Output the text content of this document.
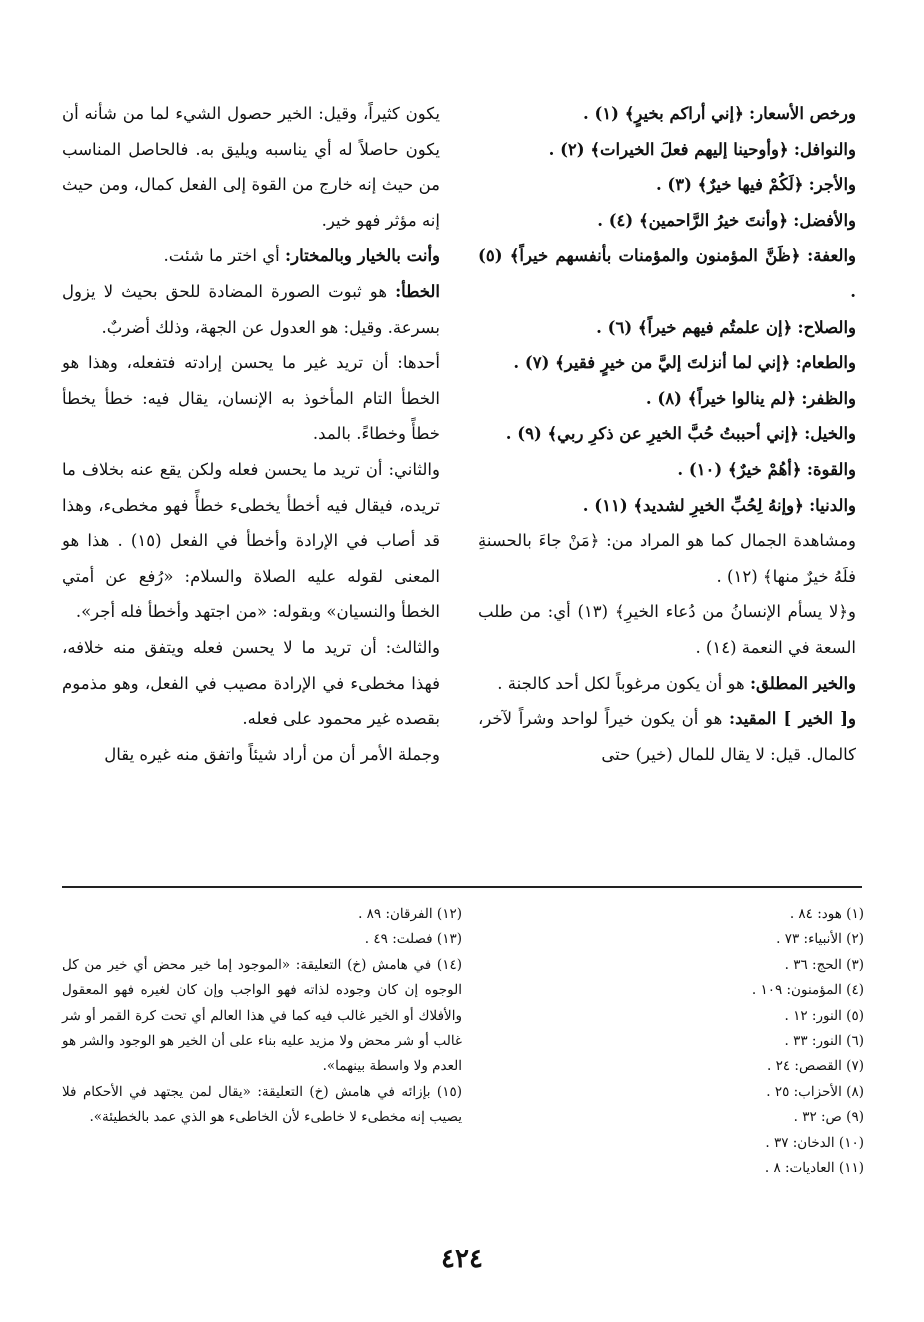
ورخص الأسعار: ﴿إني أراكم بخيرٍ﴾ (١) .

والنوافل: ﴿وأوحينا إليهم فعلَ الخيرات﴾ (٢) .

والأجر: ﴿لَكُمْ فيها خيرٌ﴾ (٣) .

والأفضل: ﴿وأنتَ خيرُ الرَّاحمين﴾ (٤) .

والعفة: ﴿ظَنَّ المؤمنون والمؤمنات بأنفسهم خيراً﴾ (٥) .

والصلاح: ﴿إن علمتُم فيهم خيراً﴾ (٦) .

والطعام: ﴿إني لما أنزلتَ إليَّ من خيرٍ فقير﴾ (٧) .

والظفر: ﴿لم ينالوا خيراً﴾ (٨) .

والخيل: ﴿إني أحببتُ حُبَّ الخيرِ عن ذكرِ ربي﴾ (٩) .

والقوة: ﴿أهُمْ خيرٌ﴾ (١٠) .

والدنيا: ﴿وإنهُ لِحُبِّ الخيرِ لشديد﴾ (١١) .

ومشاهدة الجمال كما هو المراد من: ﴿مَنْ جاءَ بالحسنةِ فلَهُ خيرٌ منها﴾ (١٢) .

و﴿لا يسأم الإنسانُ من دُعاء الخيرِ﴾ (١٣) أي: من طلب السعة في النعمة (١٤) .

والخير المطلق: هو أن يكون مرغوباً لكل أحد كالجنة .

و[ الخير ] المقيد: هو أن يكون خيراً لواحد وشراً لآخر، كالمال. قيل: لا يقال للمال (خير) حتى

يكون كثيراً، وقيل: الخير حصول الشيء لما من شأنه أن يكون حاصلاً له أي يناسبه ويليق به. فالحاصل المناسب من حيث إنه خارج من القوة إلى الفعل كمال، ومن حيث إنه مؤثر فهو خير.

وأنت بالخيار وبالمختار: أي اختر ما شئت.

الخطأ: هو ثبوت الصورة المضادة للحق بحيث لا يزول بسرعة. وقيل: هو العدول عن الجهة، وذلك أضربٌ.

أحدها: أن تريد غير ما يحسن إرادته فتفعله، وهذا هو الخطأ التام المأخوذ به الإنسان، يقال فيه: خطأ يخطأ خطأً وخطاءً. بالمد.

والثاني: أن تريد ما يحسن فعله ولكن يقع عنه بخلاف ما تريده، فيقال فيه أخطأ يخطىء خطأً فهو مخطىء، وهذا قد أصاب في الإرادة وأخطأ في الفعل (١٥) . هذا هو المعنى لقوله عليه الصلاة والسلام: «رُفع عن أمتي الخطأ والنسيان» وبقوله: «من اجتهد وأخطأ فله أجر».

والثالث: أن تريد ما لا يحسن فعله ويتفق منه خلافه، فهذا مخطىء في الإرادة مصيب في الفعل، وهو مذموم بقصده غير محمود على فعله.

وجملة الأمر أن من أراد شيئاً واتفق منه غيره يقال

(١) هود: ٨٤ .
(٢) الأنبياء: ٧٣ .
(٣) الحج: ٣٦ .
(٤) المؤمنون: ١٠٩ .
(٥) النور: ١٢ .
(٦) النور: ٣٣ .
(٧) القصص: ٢٤ .
(٨) الأحزاب: ٢٥ .
(٩) ص: ٣٢ .
(١٠) الدخان: ٣٧ .
(١١) العاديات: ٨ .
(١٢) الفرقان: ٨٩ .
(١٣) فصلت: ٤٩ .
(١٤) في هامش (خ) التعليقة: «الموجود إما خير محض أي خير من كل الوجوه إن كان وجوده لذاته فهو الواجب وإن كان لغيره فهو المعقول والأفلاك أو الخير غالب فيه كما في هذا العالم أي تحت كرة القمر أو شر غالب أو شر محض ولا مزيد عليه بناء على أن الخير هو الوجود والشر هو العدم ولا واسطة بينهما».
(١٥) بإزائه في هامش (خ) التعليقة: «يقال لمن يجتهد في الأحكام فلا يصيب إنه مخطىء لا خاطىء لأن الخاطىء هو الذي عمد بالخطيئة».
٤٢٤
